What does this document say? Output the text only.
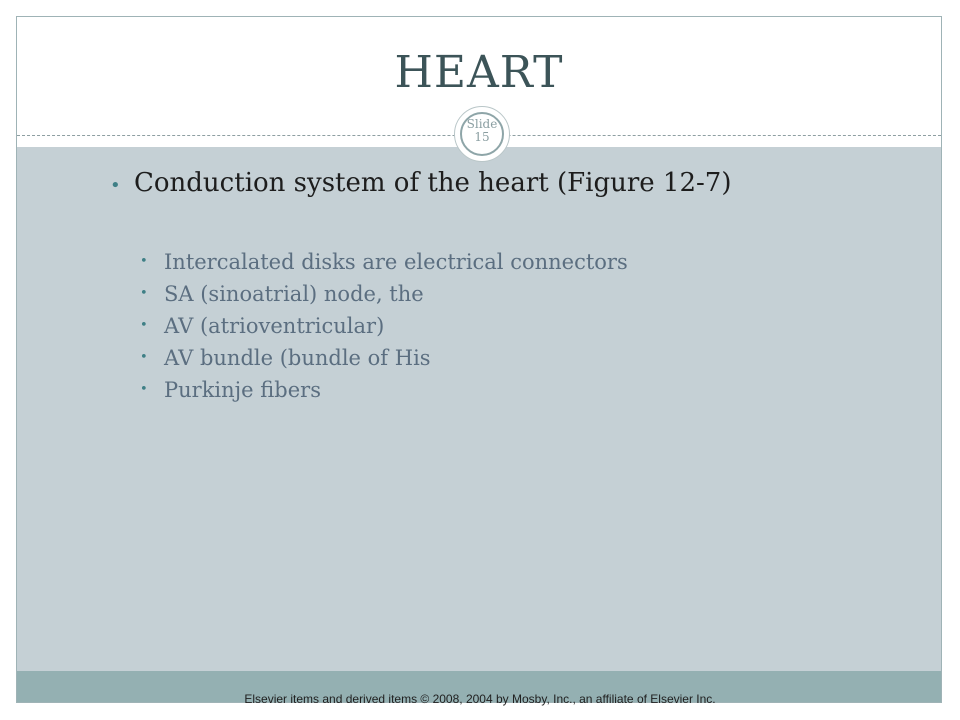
HEART
Slide
15
• Conduction system of the heart (Figure 12-7)
• Intercalated disks are electrical connectors
• SA (sinoatrial) node, the
• AV (atrioventricular)
• AV bundle (bundle of His
• Purkinje fibers
Elsevier items and derived items © 2008, 2004 by Mosby, Inc., an affiliate of Elsevier Inc.
